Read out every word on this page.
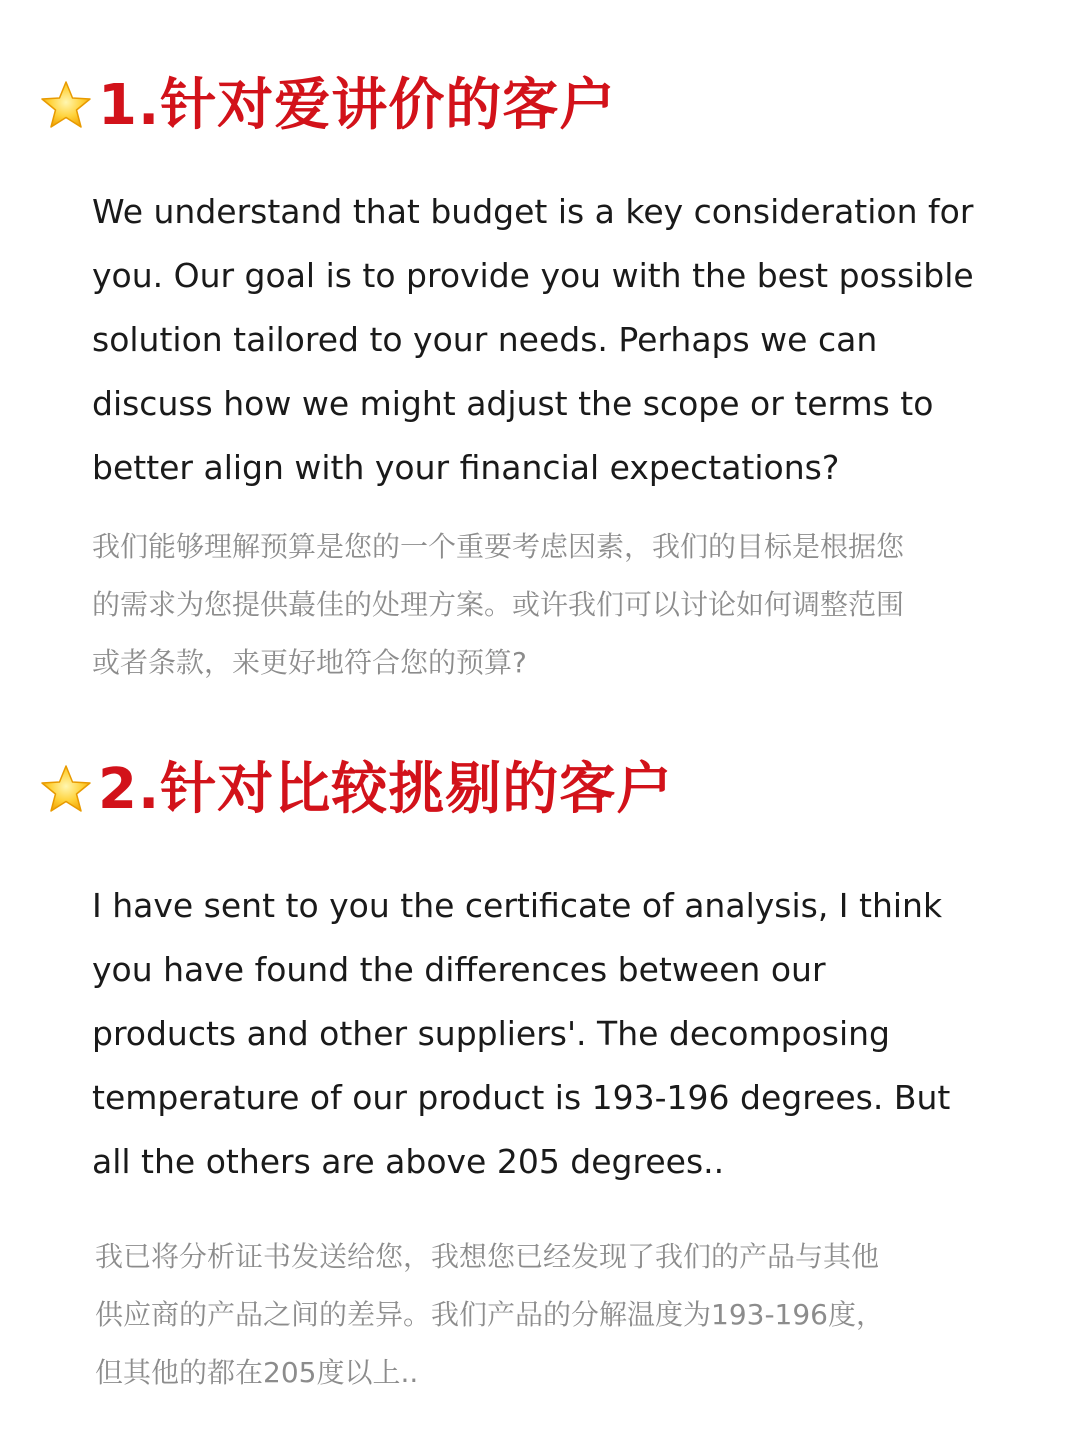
1.针对爱讲价的客户
We understand that budget is a key consideration for
you. Our goal is to provide you with the best possible
solution tailored to your needs. Perhaps we can
discuss how we might adjust the scope or terms to
better align with your financial expectations?
我们能够理解预算是您的一个重要考虑因素，我们的目标是根据您
的需求为您提供蕞佳的处理方案。或许我们可以讨论如何调整范围
或者条款，来更好地符合您的预算?
2.针对比较挑剔的客户
I have sent to you the certificate of analysis, I think
you have found the differences between our
products and other suppliers'. The decomposing
temperature of our product is 193-196 degrees. But
all the others are above 205 degrees..
我已将分析证书发送给您，我想您已经发现了我们的产品与其他
供应商的产品之间的差异。我们产品的分解温度为193-196度，
但其他的都在205度以上..
